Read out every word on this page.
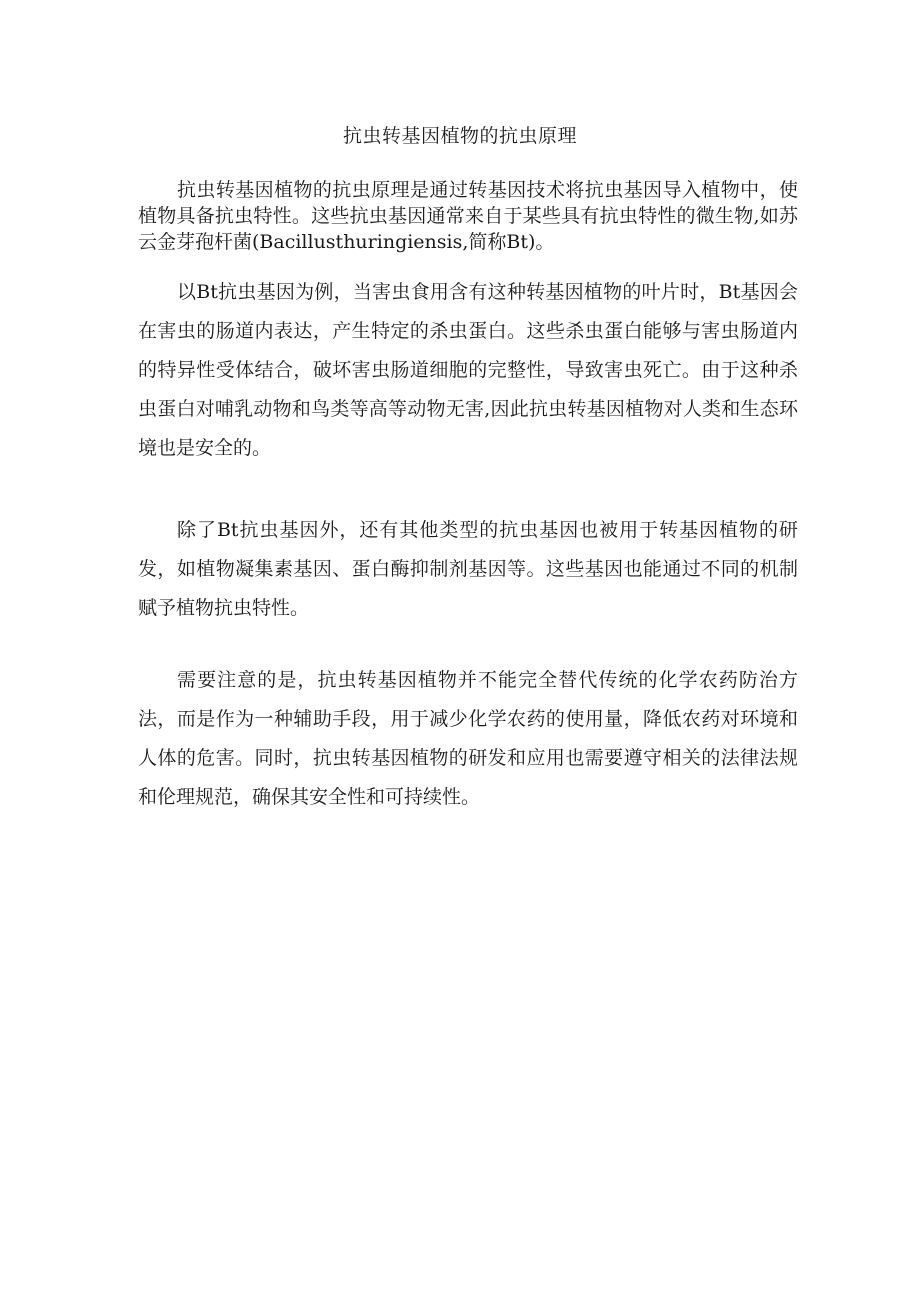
抗虫转基因植物的抗虫原理

抗虫转基因植物的抗虫原理是通过转基因技术将抗虫基因导入植物中，使植物具备抗虫特性。这些抗虫基因通常来自于某些具有抗虫特性的微生物,如苏云金芽孢杆菌(Bacillusthuringiensis,简称Bt)。

以Bt抗虫基因为例，当害虫食用含有这种转基因植物的叶片时，Bt基因会在害虫的肠道内表达，产生特定的杀虫蛋白。这些杀虫蛋白能够与害虫肠道内的特异性受体结合，破坏害虫肠道细胞的完整性，导致害虫死亡。由于这种杀虫蛋白对哺乳动物和鸟类等高等动物无害,因此抗虫转基因植物对人类和生态环境也是安全的。

除了Bt抗虫基因外，还有其他类型的抗虫基因也被用于转基因植物的研发，如植物凝集素基因、蛋白酶抑制剂基因等。这些基因也能通过不同的机制赋予植物抗虫特性。

需要注意的是，抗虫转基因植物并不能完全替代传统的化学农药防治方法，而是作为一种辅助手段，用于减少化学农药的使用量，降低农药对环境和人体的危害。同时，抗虫转基因植物的研发和应用也需要遵守相关的法律法规和伦理规范，确保其安全性和可持续性。
